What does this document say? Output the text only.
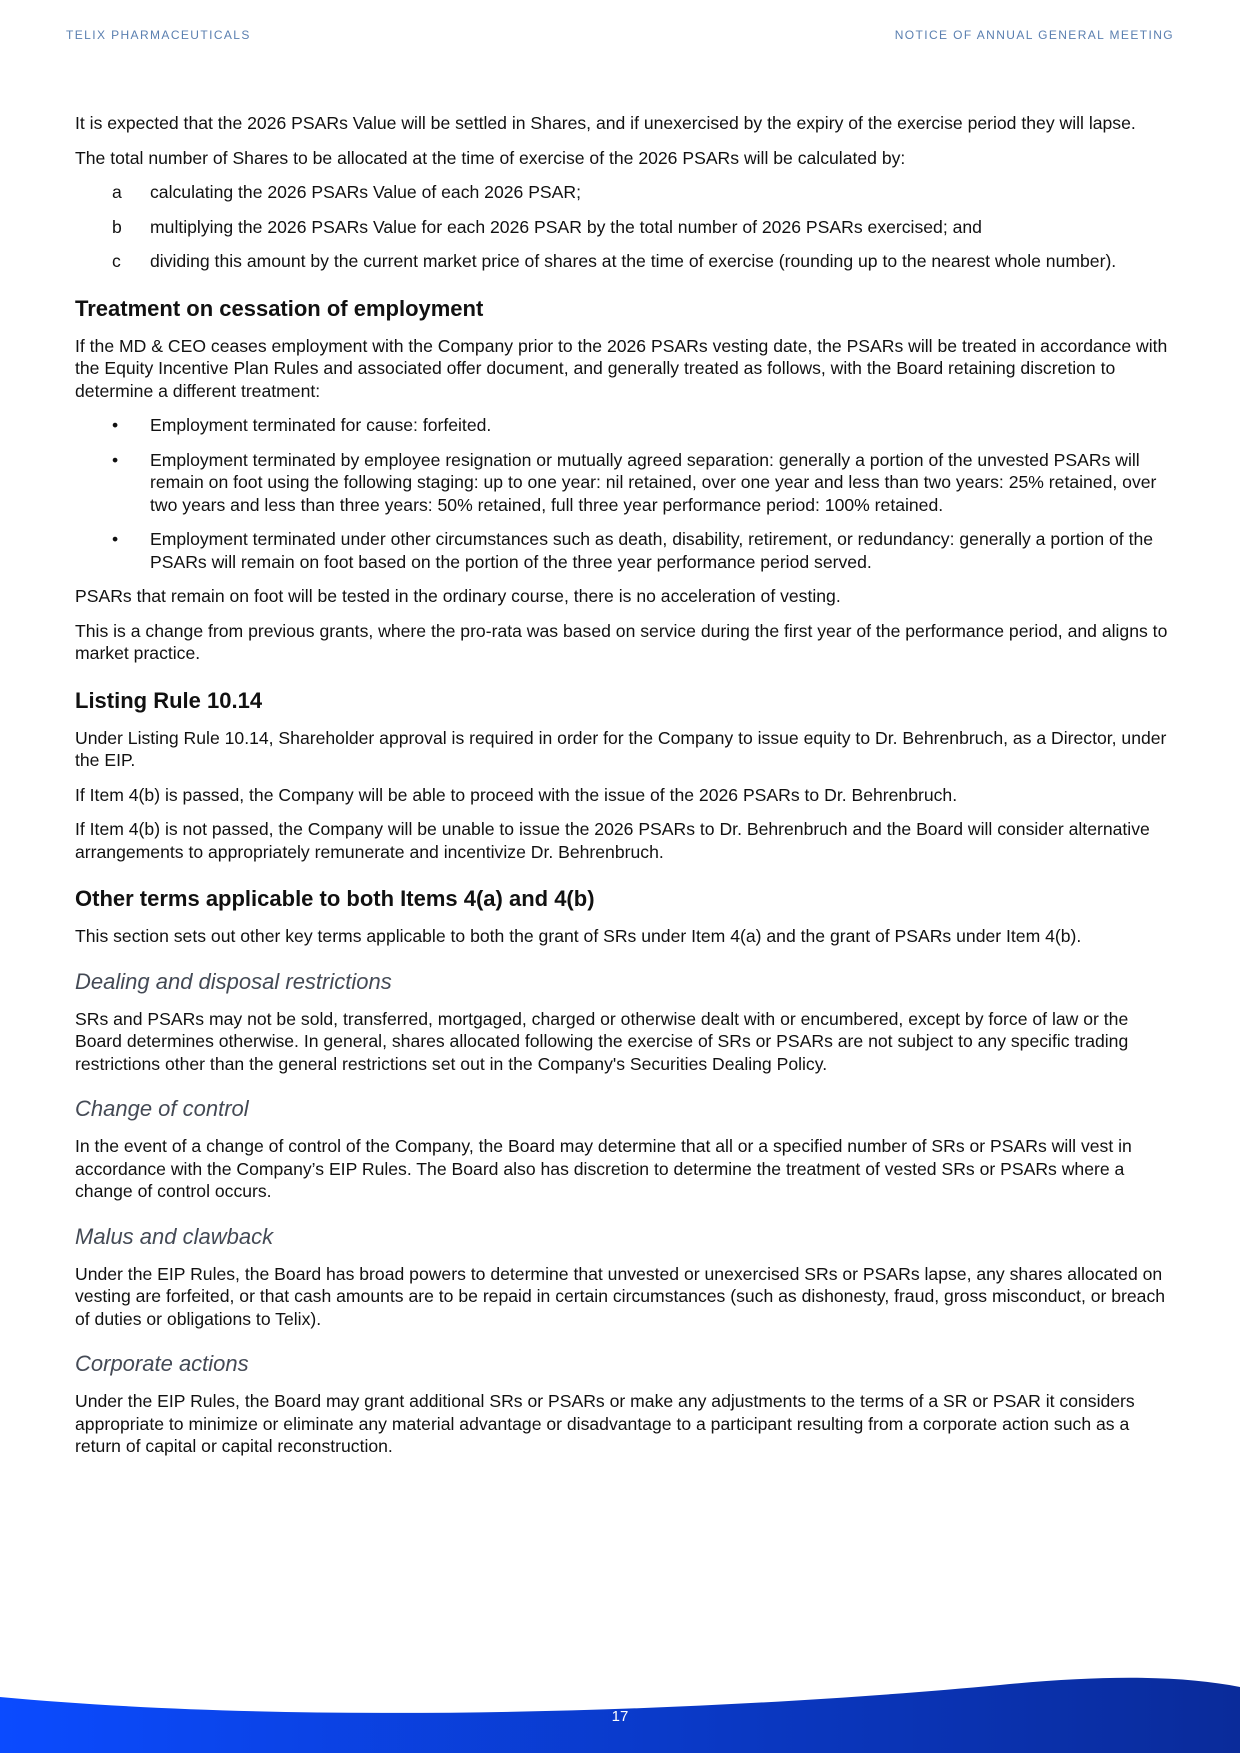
TELIX PHARMACEUTICALS	NOTICE OF ANNUAL GENERAL MEETING

It is expected that the 2026 PSARs Value will be settled in Shares, and if unexercised by the expiry of the exercise period they will lapse.

The total number of Shares to be allocated at the time of exercise of the 2026 PSARs will be calculated by:

a calculating the 2026 PSARs Value of each 2026 PSAR;
b multiplying the 2026 PSARs Value for each 2026 PSAR by the total number of 2026 PSARs exercised; and
c dividing this amount by the current market price of shares at the time of exercise (rounding up to the nearest whole number).
Treatment on cessation of employment

If the MD & CEO ceases employment with the Company prior to the 2026 PSARs vesting date, the PSARs will be treated in accordance with the Equity Incentive Plan Rules and associated offer document, and generally treated as follows, with the Board retaining discretion to determine a different treatment:

• Employment terminated for cause: forfeited.
• Employment terminated by employee resignation or mutually agreed separation: generally a portion of the unvested PSARs will remain on foot using the following staging: up to one year: nil retained, over one year and less than two years: 25% retained, over two years and less than three years: 50% retained, full three year performance period: 100% retained.
• Employment terminated under other circumstances such as death, disability, retirement, or redundancy: generally a portion of the PSARs will remain on foot based on the portion of the three year performance period served.

PSARs that remain on foot will be tested in the ordinary course, there is no acceleration of vesting.

This is a change from previous grants, where the pro-rata was based on service during the first year of the performance period, and aligns to market practice.

Listing Rule 10.14

Under Listing Rule 10.14, Shareholder approval is required in order for the Company to issue equity to Dr. Behrenbruch, as a Director, under the EIP.

If Item 4(b) is passed, the Company will be able to proceed with the issue of the 2026 PSARs to Dr. Behrenbruch.

If Item 4(b) is not passed, the Company will be unable to issue the 2026 PSARs to Dr. Behrenbruch and the Board will consider alternative arrangements to appropriately remunerate and incentivize Dr. Behrenbruch.

Other terms applicable to both Items 4(a) and 4(b)

This section sets out other key terms applicable to both the grant of SRs under Item 4(a) and the grant of PSARs under Item 4(b).

Dealing and disposal restrictions

SRs and PSARs may not be sold, transferred, mortgaged, charged or otherwise dealt with or encumbered, except by force of law or the Board determines otherwise. In general, shares allocated following the exercise of SRs or PSARs are not subject to any specific trading restrictions other than the general restrictions set out in the Company's Securities Dealing Policy.

Change of control

In the event of a change of control of the Company, the Board may determine that all or a specified number of SRs or PSARs will vest in accordance with the Company’s EIP Rules. The Board also has discretion to determine the treatment of vested SRs or PSARs where a change of control occurs.

Malus and clawback

Under the EIP Rules, the Board has broad powers to determine that unvested or unexercised SRs or PSARs lapse, any shares allocated on vesting are forfeited, or that cash amounts are to be repaid in certain circumstances (such as dishonesty, fraud, gross misconduct, or breach of duties or obligations to Telix).

Corporate actions

Under the EIP Rules, the Board may grant additional SRs or PSARs or make any adjustments to the terms of a SR or PSAR it considers appropriate to minimize or eliminate any material advantage or disadvantage to a participant resulting from a corporate action such as a return of capital or capital reconstruction.

17
